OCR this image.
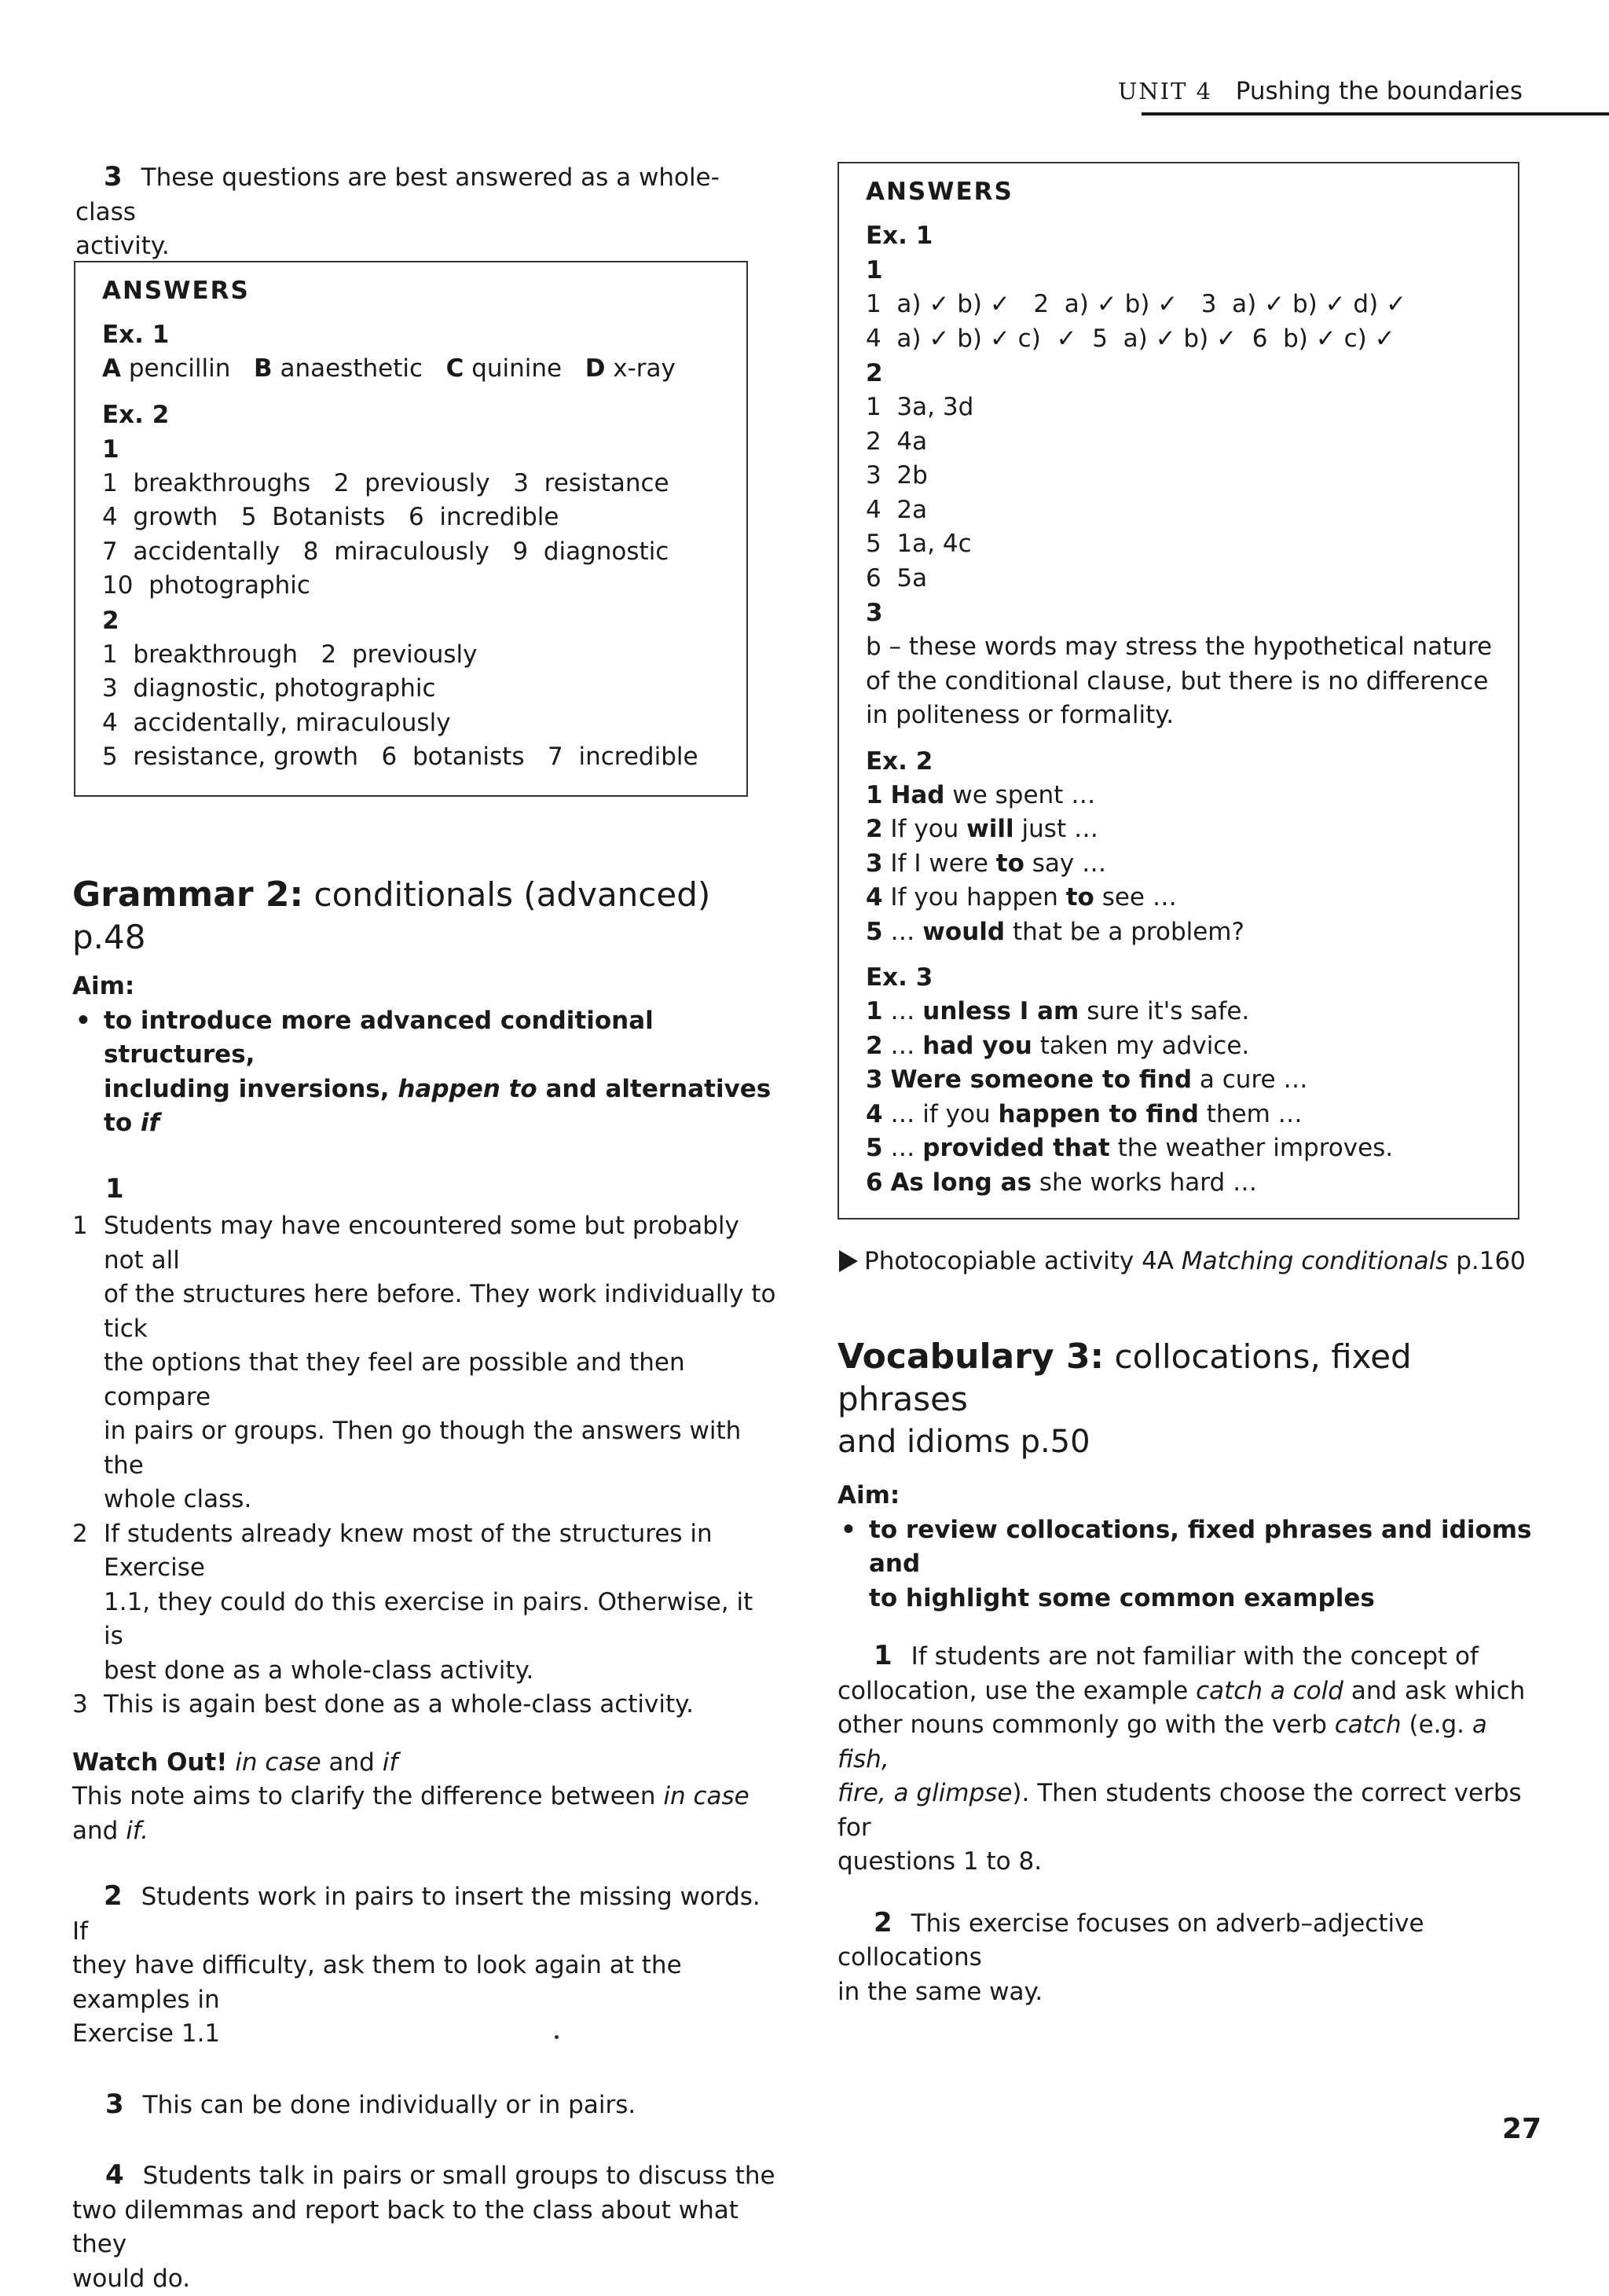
UNIT 4 Pushing the boundaries
3 These questions are best answered as a whole-class
activity.
ANSWERS
Ex. 1
A pencillin   B anaesthetic   C quinine   D x-ray
Ex. 2
1
1  breakthroughs   2  previously   3  resistance
4  growth   5  Botanists   6  incredible
7  accidentally   8  miraculously   9  diagnostic
10  photographic
2
1  breakthrough   2  previously
3  diagnostic, photographic
4  accidentally, miraculously
5  resistance, growth   6  botanists   7  incredible
Grammar 2: conditionals (advanced) p.48
Aim:
• to introduce more advanced conditional structures,
including inversions, happen to and alternatives to if
1
1 Students may have encountered some but probably not all
of the structures here before. They work individually to tick
the options that they feel are possible and then compare
in pairs or groups. Then go though the answers with the
whole class.
2 If students already knew most of the structures in Exercise
1.1, they could do this exercise in pairs. Otherwise, it is
best done as a whole-class activity.
3 This is again best done as a whole-class activity.
Watch Out! in case and if
This note aims to clarify the difference between in case
and if.
2 Students work in pairs to insert the missing words. If
they have difficulty, ask them to look again at the examples in
Exercise 1.1
3 This can be done individually or in pairs.
4 Students talk in pairs or small groups to discuss the
two dilemmas and report back to the class about what they
would do.
ANSWERS
Ex. 1
1
1  a) ✓ b) ✓   2  a) ✓ b) ✓   3  a) ✓ b) ✓ d) ✓
4  a) ✓ b) ✓ c)  ✓  5  a) ✓ b) ✓  6  b) ✓ c) ✓
2
1  3a, 3d
2  4a
3  2b
4  2a
5  1a, 4c
6  5a
3
b – these words may stress the hypothetical nature
of the conditional clause, but there is no difference
in politeness or formality.
Ex. 2
1 Had we spent …
2 If you will just …
3 If I were to say …
4 If you happen to see …
5 … would that be a problem?
Ex. 3
1 … unless I am sure it's safe.
2 … had you taken my advice.
3 Were someone to find a cure …
4 … if you happen to find them …
5 … provided that the weather improves.
6 As long as she works hard …
Photocopiable activity 4A Matching conditionals p.160
Vocabulary 3: collocations, fixed phrases
and idioms p.50
Aim:
• to review collocations, fixed phrases and idioms and
to highlight some common examples
1 If students are not familiar with the concept of
collocation, use the example catch a cold and ask which
other nouns commonly go with the verb catch (e.g. a fish,
fire, a glimpse). Then students choose the correct verbs for
questions 1 to 8.
2 This exercise focuses on adverb–adjective collocations
in the same way.
27
